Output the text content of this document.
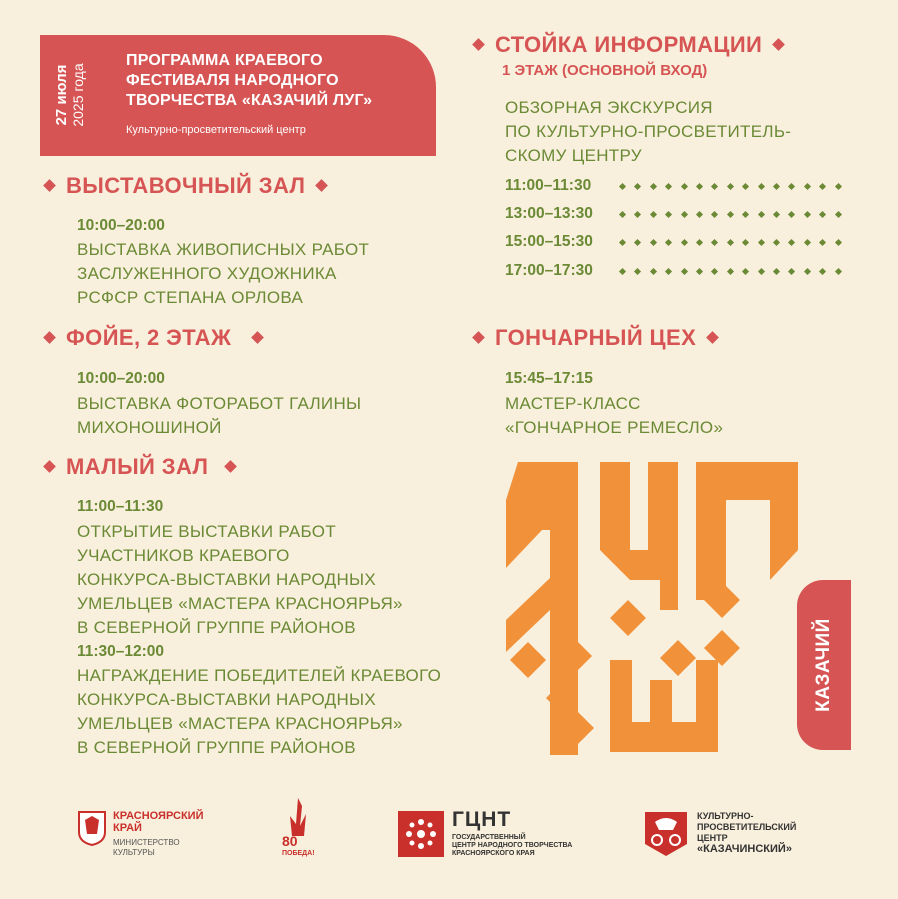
27 июля 2025 года
ПРОГРАММА КРАЕВОГО
ФЕСТИВАЛЯ НАРОДНОГО
ТВОРЧЕСТВА «КАЗАЧИЙ ЛУГ»
Культурно-просветительский центр
ВЫСТАВОЧНЫЙ ЗАЛ
10:00–20:00
ВЫСТАВКА ЖИВОПИСНЫХ РАБОТ
ЗАСЛУЖЕННОГО ХУДОЖНИКА
РСФСР СТЕПАНА ОРЛОВА
ФОЙЕ, 2 ЭТАЖ
10:00–20:00
ВЫСТАВКА ФОТОРАБОТ ГАЛИНЫ
МИХОНОШИНОЙ
МАЛЫЙ ЗАЛ
11:00–11:30
ОТКРЫТИЕ ВЫСТАВКИ РАБОТ
УЧАСТНИКОВ КРАЕВОГО
КОНКУРСА-ВЫСТАВКИ НАРОДНЫХ
УМЕЛЬЦЕВ «МАСТЕРА КРАСНОЯРЬЯ»
В СЕВЕРНОЙ ГРУППЕ РАЙОНОВ
11:30–12:00
НАГРАЖДЕНИЕ ПОБЕДИТЕЛЕЙ КРАЕВОГО
КОНКУРСА-ВЫСТАВКИ НАРОДНЫХ
УМЕЛЬЦЕВ «МАСТЕРА КРАСНОЯРЬЯ»
В СЕВЕРНОЙ ГРУППЕ РАЙОНОВ
СТОЙКА ИНФОРМАЦИИ
1 ЭТАЖ (ОСНОВНОЙ ВХОД)
ОБЗОРНАЯ ЭКСКУРСИЯ
ПО КУЛЬТУРНО-ПРОСВЕТИТЕЛЬ-
СКОМУ ЦЕНТРУ
11:00–11:30
13:00–13:30
15:00–15:30
17:00–17:30
ГОНЧАРНЫЙ ЦЕХ
15:45–17:15
МАСТЕР-КЛАСС
«ГОНЧАРНОЕ РЕМЕСЛО»
КАЗАЧИЙ
КРАСНОЯРСКИЙ
КРАЙ
МИНИСТЕРСТВО
КУЛЬТУРЫ
80
ПОБЕДА!
ГЦНТ
ГОСУДАРСТВЕННЫЙ
ЦЕНТР НАРОДНОГО ТВОРЧЕСТВА
КРАСНОЯРСКОГО КРАЯ
КУЛЬТУРНО-
ПРОСВЕТИТЕЛЬСКИЙ
ЦЕНТР
«КАЗАЧИНСКИЙ»
